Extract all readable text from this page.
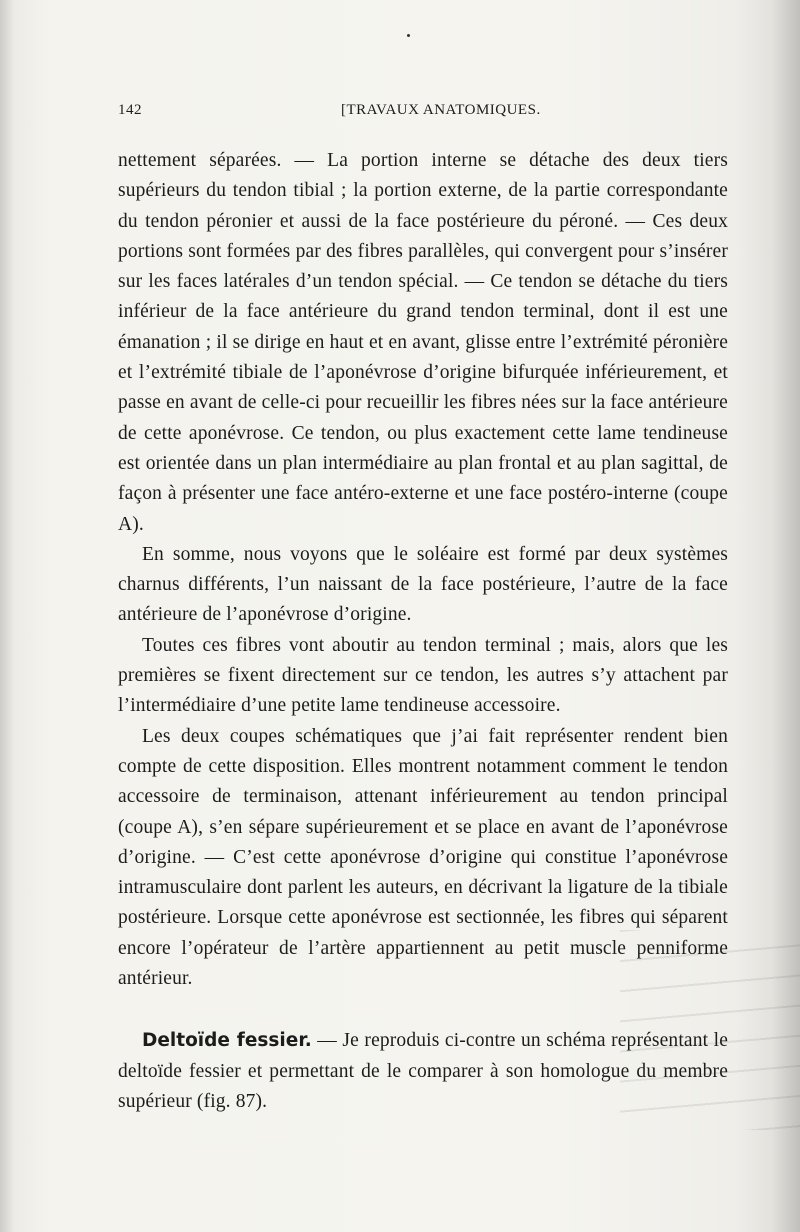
142	[TRAVAUX ANATOMIQUES.

nettement séparées. — La portion interne se détache des deux tiers supérieurs du tendon tibial ; la portion externe, de la partie correspondante du tendon péronier et aussi de la face postérieure du péroné. — Ces deux portions sont formées par des fibres parallèles, qui convergent pour s’insérer sur les faces latérales d’un tendon spécial. — Ce tendon se détache du tiers inférieur de la face antérieure du grand tendon terminal, dont il est une émanation ; il se dirige en haut et en avant, glisse entre l’extrémité péronière et l’extrémité tibiale de l’aponévrose d’origine bifurquée inférieurement, et passe en avant de celle-ci pour recueillir les fibres nées sur la face antérieure de cette aponévrose. Ce tendon, ou plus exactement cette lame tendineuse est orientée dans un plan intermédiaire au plan frontal et au plan sagittal, de façon à présenter une face antéro-externe et une face postéro-interne (coupe A).

En somme, nous voyons que le soléaire est formé par deux systèmes charnus différents, l’un naissant de la face postérieure, l’autre de la face antérieure de l’aponévrose d’origine.

Toutes ces fibres vont aboutir au tendon terminal ; mais, alors que les premières se fixent directement sur ce tendon, les autres s’y attachent par l’intermédiaire d’une petite lame tendineuse accessoire.

Les deux coupes schématiques que j’ai fait représenter rendent bien compte de cette disposition. Elles montrent notamment comment le tendon accessoire de terminaison, attenant inférieurement au tendon principal (coupe A), s’en sépare supérieurement et se place en avant de l’aponévrose d’origine. — C’est cette aponévrose d’origine qui constitue l’aponévrose intramusculaire dont parlent les auteurs, en décrivant la ligature de la tibiale postérieure. Lorsque cette aponévrose est sectionnée, les fibres qui séparent encore l’opérateur de l’artère appartiennent au petit muscle penniforme antérieur.

Deltoïde fessier. — Je reproduis ci-contre un schéma représentant le deltoïde fessier et permettant de le comparer à son homologue du membre supérieur (fig. 87).
